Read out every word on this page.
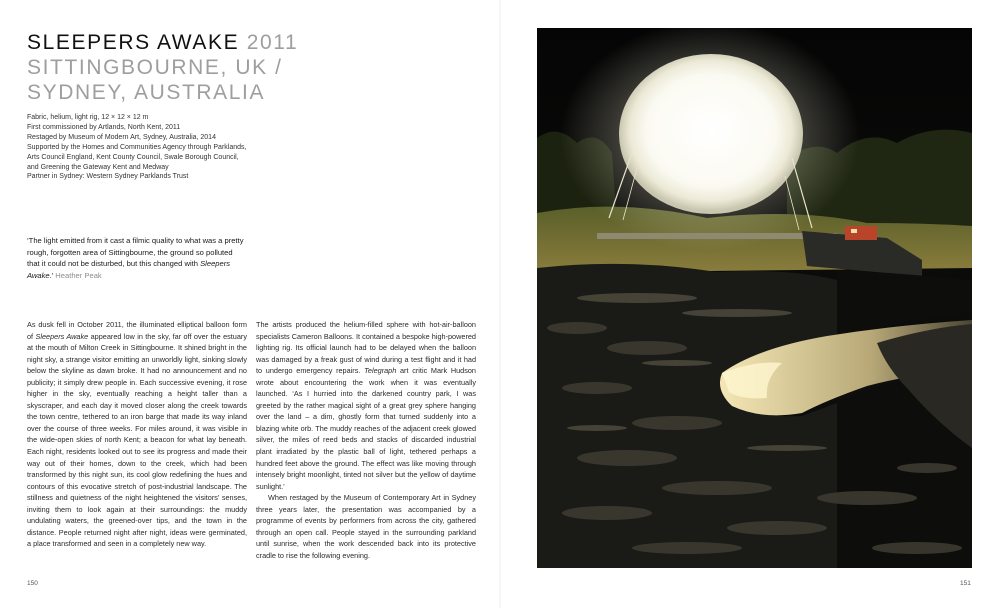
SLEEPERS AWAKE 2011
SITTINGBOURNE, UK /
SYDNEY, AUSTRALIA
Fabric, helium, light rig, 12 × 12 × 12 m
First commissioned by Artlands, North Kent, 2011
Restaged by Museum of Modern Art, Sydney, Australia, 2014
Supported by the Homes and Communities Agency through Parklands,
Arts Council England, Kent County Council, Swale Borough Council,
and Greening the Gateway Kent and Medway
Partner in Sydney: Western Sydney Parklands Trust
‘The light emitted from it cast a filmic quality to what was a pretty rough, forgotten area of Sittingbourne, the ground so polluted that it could not be disturbed, but this changed with Sleepers Awake.’ Heather Peak

As dusk fell in October 2011, the illuminated elliptical balloon form of Sleepers Awake appeared low in the sky, far off over the estuary at the mouth of Milton Creek in Sittingbourne. It shined bright in the night sky, a strange visitor emitting an unworldly light, sinking slowly below the skyline as dawn broke. It had no announcement and no publicity; it simply drew people in. Each successive evening, it rose higher in the sky, eventually reaching a height taller than a skyscraper, and each day it moved closer along the creek towards the town centre, tethered to an iron barge that made its way inland over the course of three weeks. For miles around, it was visible in the wide-open skies of north Kent; a beacon for what lay beneath. Each night, residents looked out to see its progress and made their way out of their homes, down to the creek, which had been transformed by this night sun, its cool glow redefining the hues and contours of this evocative stretch of post-industrial landscape. The stillness and quietness of the night heightened the visitors’ senses, inviting them to look again at their surroundings: the muddy undulating waters, the greened-over tips, and the town in the distance. People returned night after night, ideas were germinated, a place transformed and seen in a completely new way.

The artists produced the helium-filled sphere with hot-air-balloon specialists Cameron Balloons. It contained a bespoke high-powered lighting rig. Its official launch had to be delayed when the balloon was damaged by a freak gust of wind during a test flight and it had to undergo emergency repairs. Telegraph art critic Mark Hudson wrote about encountering the work when it was eventually launched. ‘As I hurried into the darkened country park, I was greeted by the rather magical sight of a great grey sphere hanging over the land – a dim, ghostly form that turned suddenly into a blazing white orb. The muddy reaches of the adjacent creek glowed silver, the miles of reed beds and stacks of discarded industrial plant irradiated by the plastic ball of light, tethered perhaps a hundred feet above the ground. The effect was like moving through intensely bright moonlight, tinted not silver but the yellow of daytime sunlight.’

When restaged by the Museum of Contemporary Art in Sydney three years later, the presentation was accompanied by a programme of events by performers from across the city, gathered through an open call. People stayed in the surrounding parkland until sunrise, when the work descended back into its protective cradle to rise the following evening.

150	151
